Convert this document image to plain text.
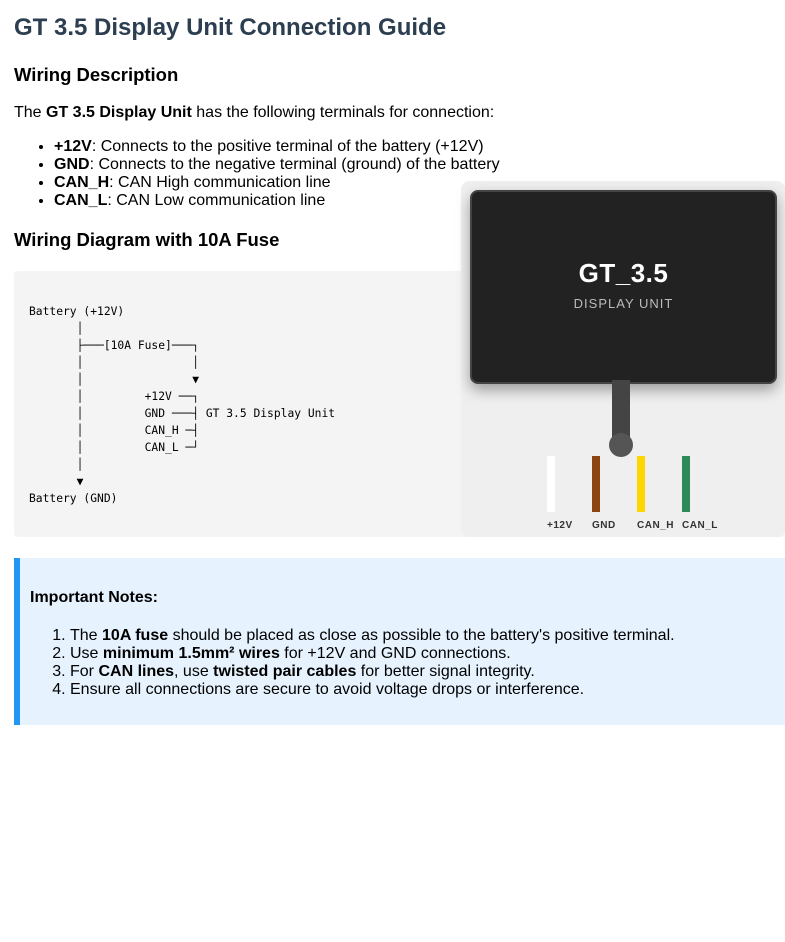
GT 3.5 Display Unit Connection Guide
Wiring Description

The GT 3.5 Display Unit has the following terminals for connection:

• +12V: Connects to the positive terminal of the battery (+12V)
• GND: Connects to the negative terminal (ground) of the battery
• CAN_H: CAN High communication line
• CAN_L: CAN Low communication line
Wiring Diagram with 10A Fuse
Battery (+12V)
│
├───[10A Fuse]───┐
│                │
│                ▼
│         +12V ──┐
│         GND ───┤ GT 3.5 Display Unit
│         CAN_H ─┤
│         CAN_L ─┘
│
▼
Battery (GND)
GT_3.5
DISPLAY UNIT
+12V GND CAN_H CAN_L

Important Notes:

1. The 10A fuse should be placed as close as possible to the battery's positive terminal.
2. Use minimum 1.5mm² wires for +12V and GND connections.
3. For CAN lines, use twisted pair cables for better signal integrity.
4. Ensure all connections are secure to avoid voltage drops or interference.
